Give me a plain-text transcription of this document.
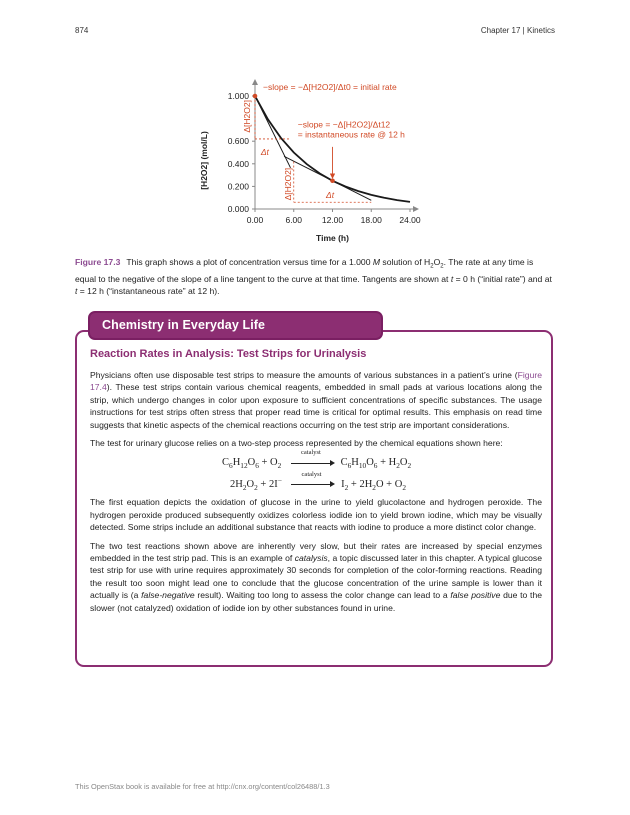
874	Chapter 17 | Kinetics
0.00	6.00 12.00 18.00 24.00
0.000
0.200
0.400
0.600
1.000
Time (h)
[H2O2] (mol/L)
−slope = −Δ[H2O2]/Δt0 = initial rate
−slope = −Δ[H2O2]/Δt12
= instantaneous rate @ 12 h
Δt
Δt
Δ[H2O2]
Δ[H2O2]
Figure 17.3 This graph shows a plot of concentration versus time for a 1.000 M solution of $H_2O_2$. The rate at any time is equal to the negative of the slope of a line tangent to the curve at that time. Tangents are shown at t = 0 h (“initial rate”) and at t = 12 h (“instantaneous rate” at 12 h).
Chemistry in Everyday Life
Reaction Rates in Analysis: Test Strips for Urinalysis

Physicians often use disposable test strips to measure the amounts of various substances in a patient’s urine (Figure 17.4). These test strips contain various chemical reagents, embedded in small pads at various locations along the strip, which undergo changes in color upon exposure to sufficient concentrations of specific substances. The usage instructions for test strips often stress that proper read time is critical for optimal results. This emphasis on read time suggests that kinetic aspects of the chemical reactions occurring on the test strip are important considerations.

The test for urinary glucose relies on a two-step process represented by the chemical equations shown here:

$C_6H_{12}O_6 + O_2$
catalyst
$C_6H_{10}O_6 + H_2O_2$
$2H_2O_2 + 2I^-$
catalyst
$I_2 + 2H_2O + O_2$

The first equation depicts the oxidation of glucose in the urine to yield glucolactone and hydrogen peroxide. The hydrogen peroxide produced subsequently oxidizes colorless iodide ion to yield brown iodine, which may be visually detected. Some strips include an additional substance that reacts with iodine to produce a more distinct color change.

The two test reactions shown above are inherently very slow, but their rates are increased by special enzymes embedded in the test strip pad. This is an example of catalysis, a topic discussed later in this chapter. A typical glucose test strip for use with urine requires approximately 30 seconds for completion of the color-forming reactions. Reading the result too soon might lead one to conclude that the glucose concentration of the urine sample is lower than it actually is (a false-negative result). Waiting too long to assess the color change can lead to a false positive due to the slower (not catalyzed) oxidation of iodide ion by other substances found in urine.

This OpenStax book is available for free at http://cnx.org/content/col26488/1.3
